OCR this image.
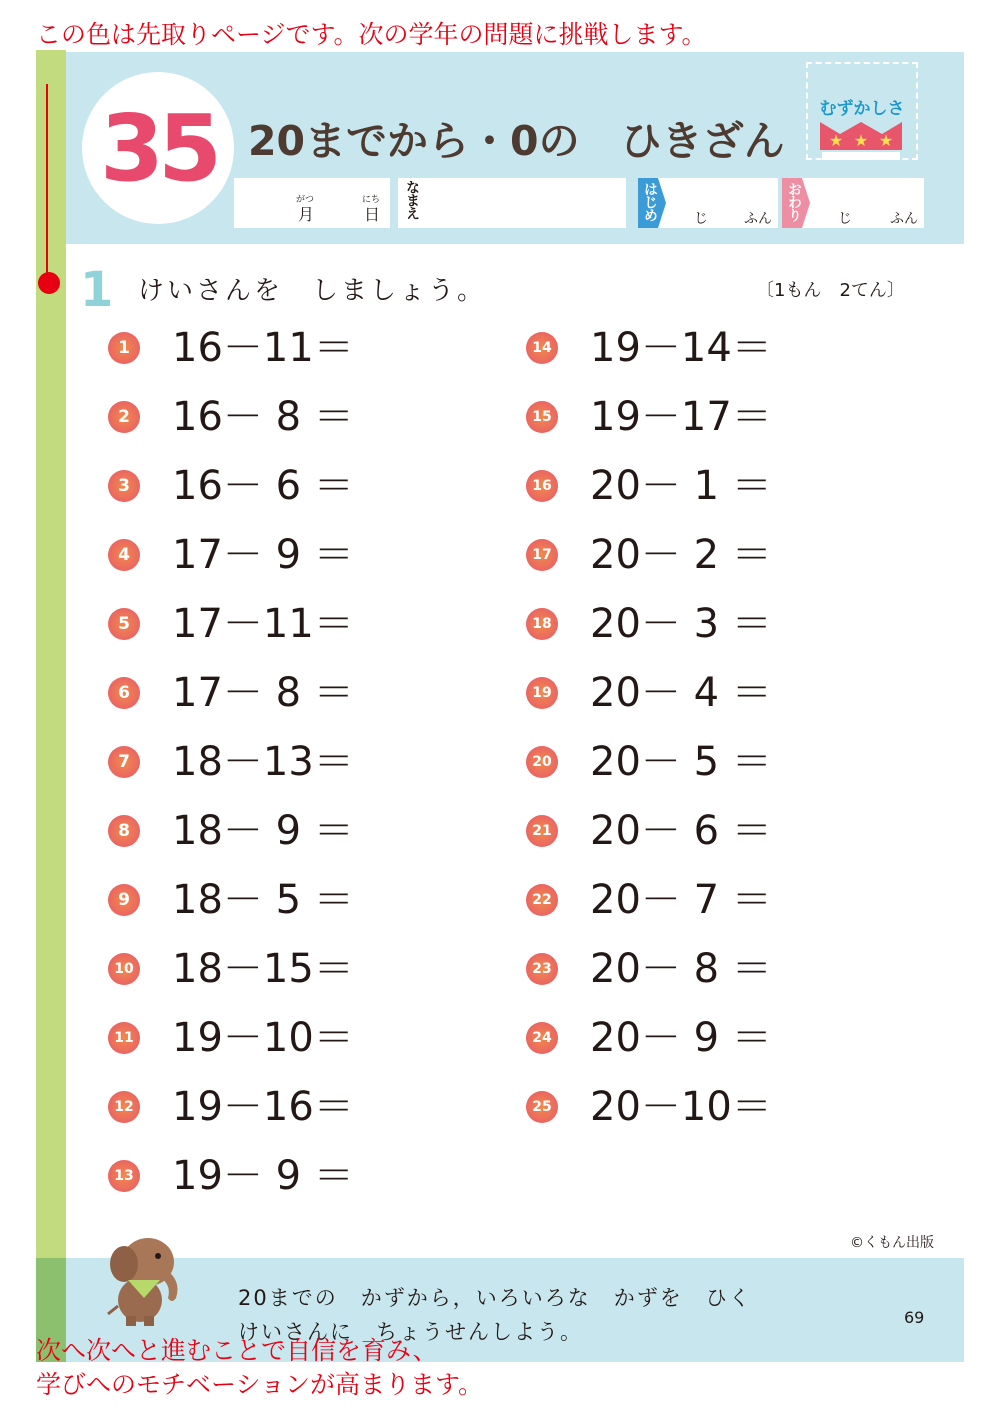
この色は先取りページです。次の学年の問題に挑戦します。
35 20までから・0の　ひきざん
むずかしさ
★ ★ ★
がつ
月
にち
日 なまえ	はじめ	じ	ふん おわり	じ	ふん
1 けいさんを　しましょう。	〔1もん　2てん〕
1 16－11＝
2 16－ 8 ＝
3 16－ 6 ＝
4 17－ 9 ＝
5 17－11＝
6 17－ 8 ＝
7 18－13＝
8 18－ 9 ＝
9 18－ 5 ＝
10 18－15＝
11 19－10＝
12 19－16＝
13 19－ 9 ＝
14 19－14＝
15 19－17＝
16 20－ 1 ＝
17 20－ 2 ＝
18 20－ 3 ＝
19 20－ 4 ＝
20 20－ 5 ＝
21 20－ 6 ＝
22 20－ 7 ＝
23 20－ 8 ＝
24 20－ 9 ＝
25 20－10＝
©くもん出版
20までの　かずから，いろいろな　かずを　ひく
けいさんに　ちょうせんしよう。
69
次へ次へと進むことで自信を育み、
学びへのモチベーションが高まります。
